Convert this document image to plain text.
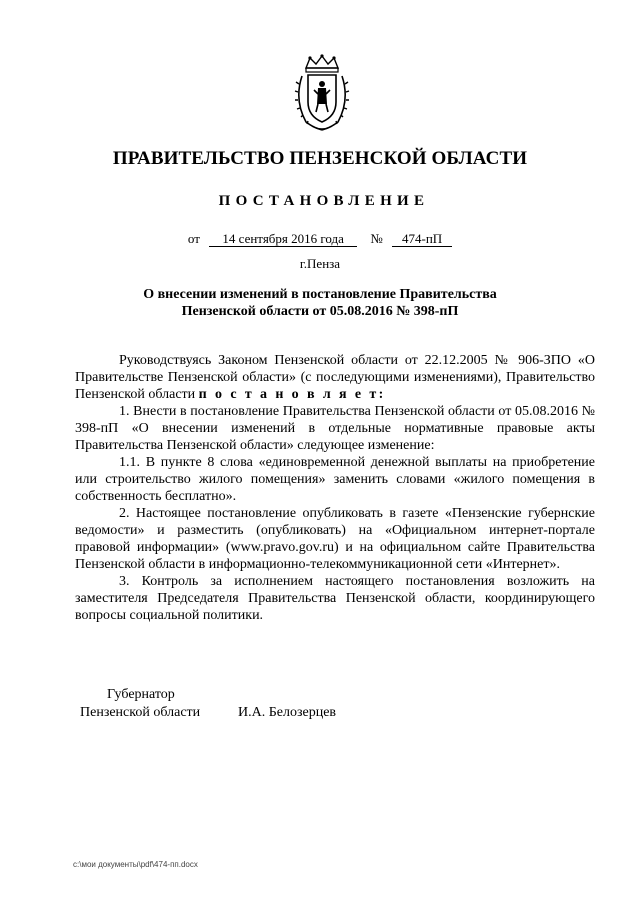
ПРАВИТЕЛЬСТВО ПЕНЗЕНСКОЙ ОБЛАСТИ
ПОСТАНОВЛЕНИЕ
от 14 сентября 2016 года № 474-пП
г.Пенза
О внесении изменений в постановление Правительства
Пензенской области от 05.08.2016 № 398-пП

Руководствуясь Законом Пензенской области от 22.12.2005 № 906-ЗПО «О Правительстве Пензенской области» (с последующими изменениями), Правительство Пензенской области п о с т а н о в л я е т:

1. Внести в постановление Правительства Пензенской области от 05.08.2016 № 398-пП «О внесении изменений в отдельные нормативные правовые акты Правительства Пензенской области» следующее изменение:

1.1. В пункте 8 слова «единовременной денежной выплаты на приобретение или строительство жилого помещения» заменить словами «жилого помещения в собственность бесплатно».

2. Настоящее постановление опубликовать в газете «Пензенские губернские ведомости» и разместить (опубликовать) на «Официальном интернет-портале правовой информации» (www.pravo.gov.ru) и на официальном сайте Правительства Пензенской области в информационно-телекоммуникационной сети «Интернет».

3. Контроль за исполнением настоящего постановления возложить на заместителя Председателя Правительства Пензенской области, координирующего вопросы социальной политики.

Губернатор
Пензенской области	И.А. Белозерцев
c:\мои документы\pdf\474-пп.docx
